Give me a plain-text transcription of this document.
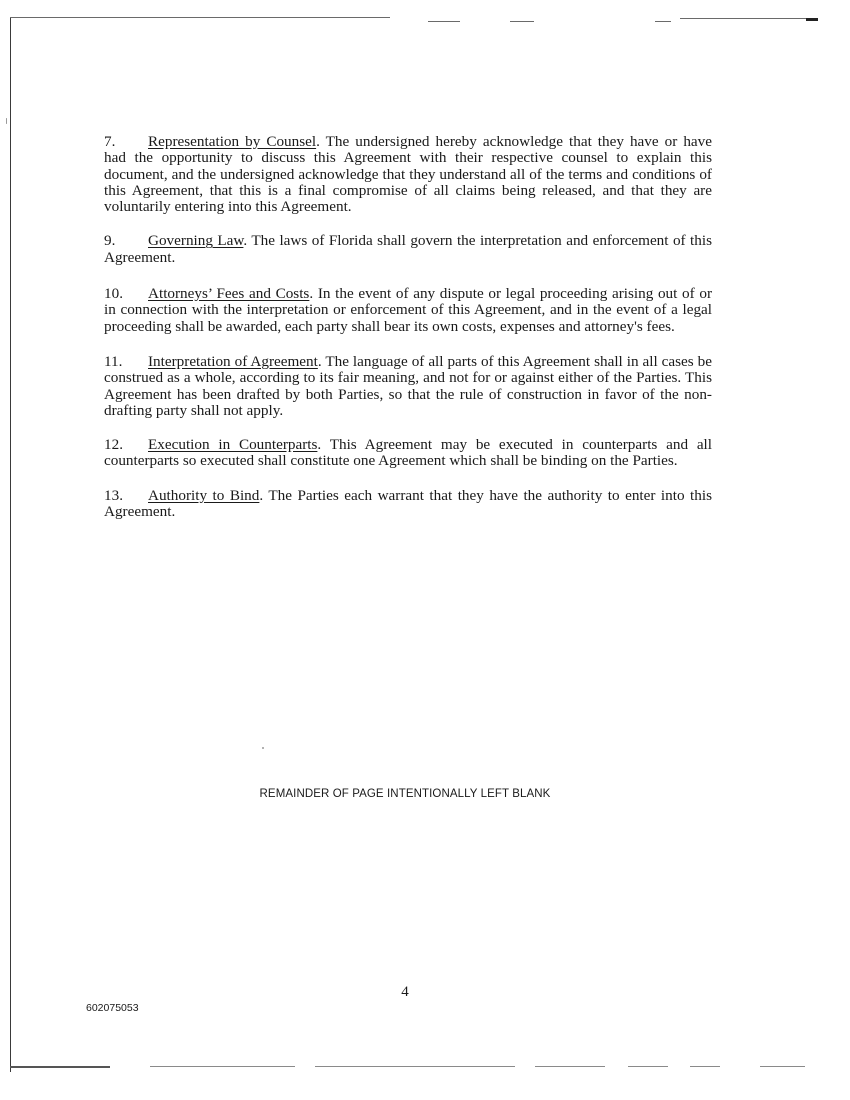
7. Representation by Counsel. The undersigned hereby acknowledge that they have or have had the opportunity to discuss this Agreement with their respective counsel to explain this document, and the undersigned acknowledge that they understand all of the terms and conditions of this Agreement, that this is a final compromise of all claims being released, and that they are voluntarily entering into this Agreement.

9. Governing Law. The laws of Florida shall govern the interpretation and enforcement of this Agreement.

10. Attorneys’ Fees and Costs. In the event of any dispute or legal proceeding arising out of or in connection with the interpretation or enforcement of this Agreement, and in the event of a legal proceeding shall be awarded, each party shall bear its own costs, expenses and attorney's fees.

11. Interpretation of Agreement. The language of all parts of this Agreement shall in all cases be construed as a whole, according to its fair meaning, and not for or against either of the Parties. This Agreement has been drafted by both Parties, so that the rule of construction in favor of the non-drafting party shall not apply.

12. Execution in Counterparts. This Agreement may be executed in counterparts and all counterparts so executed shall constitute one Agreement which shall be binding on the Parties.

13. Authority to Bind. The Parties each warrant that they have the authority to enter into this Agreement.

REMAINDER OF PAGE INTENTIONALLY LEFT BLANK
4
602075053
